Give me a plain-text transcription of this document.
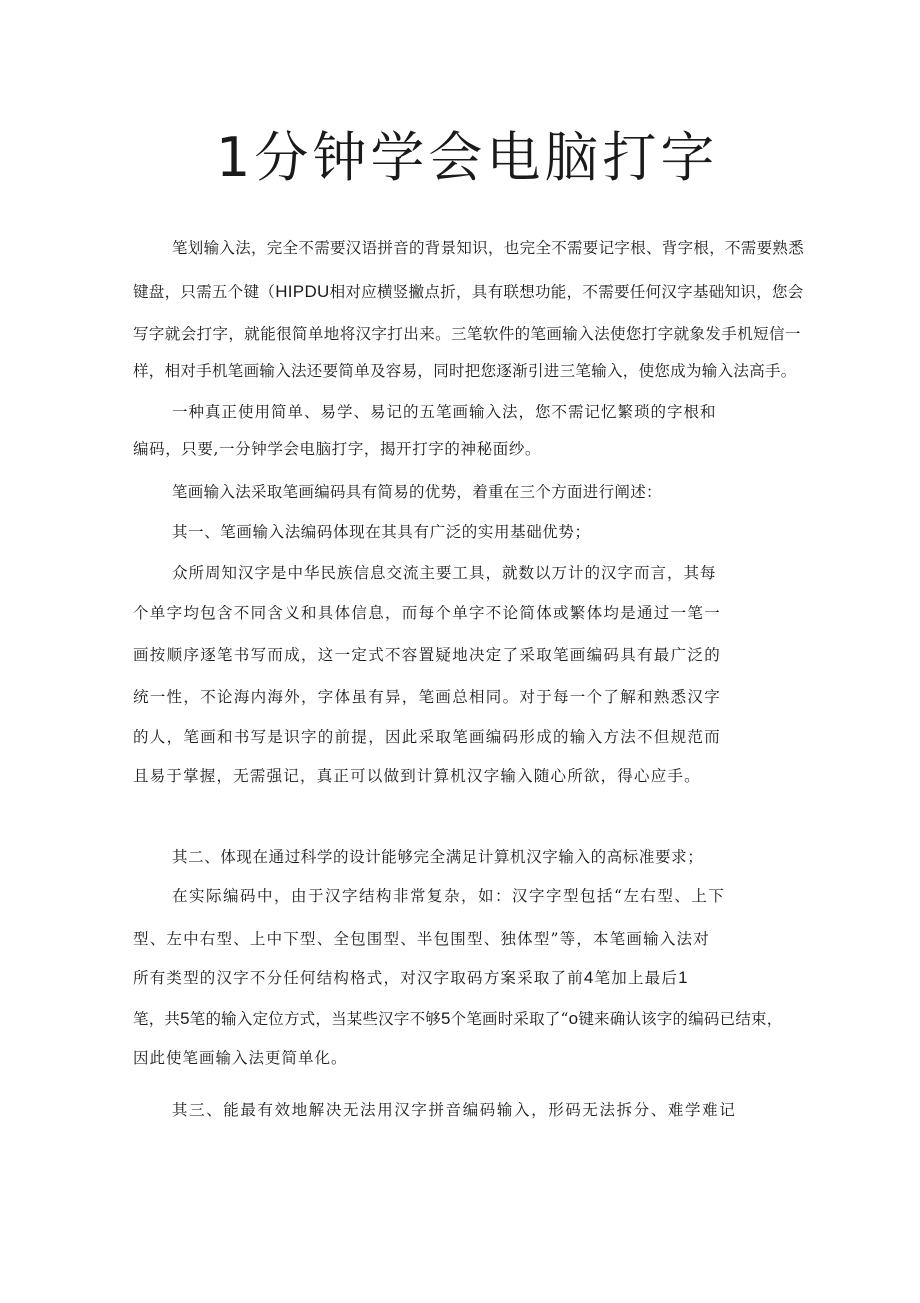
1分钟学会电脑打字

笔划输入法，完全不需要汉语拼音的背景知识，也完全不需要记字根、背字根，不需要熟悉

键盘，只需五个键（HIPDU相对应横竖撇点折，具有联想功能，不需要任何汉字基础知识，您会

写字就会打字，就能很简单地将汉字打出来。三笔软件的笔画输入法使您打字就象发手机短信一

样，相对手机笔画输入法还要简单及容易，同时把您逐渐引进三笔输入，使您成为输入法高手。

一种真正使用简单、易学、易记的五笔画输入法，您不需记忆繁琐的字根和

编码，只要,一分钟学会电脑打字，揭开打字的神秘面纱。

笔画输入法采取笔画编码具有简易的优势，着重在三个方面进行阐述：

其一、笔画输入法编码体现在其具有广泛的实用基础优势；

众所周知汉字是中华民族信息交流主要工具，就数以万计的汉字而言，其每

个单字均包含不同含义和具体信息，而每个单字不论简体或繁体均是通过一笔一

画按顺序逐笔书写而成，这一定式不容置疑地决定了采取笔画编码具有最广泛的

统一性，不论海内海外，字体虽有异，笔画总相同。对于每一个了解和熟悉汉字

的人，笔画和书写是识字的前提，因此采取笔画编码形成的输入方法不但规范而

且易于掌握，无需强记，真正可以做到计算机汉字输入随心所欲，得心应手。

其二、体现在通过科学的设计能够完全满足计算机汉字输入的高标准要求；

在实际编码中，由于汉字结构非常复杂，如：汉字字型包括“左右型、上下

型、左中右型、上中下型、全包围型、半包围型、独体型”等，本笔画输入法对

所有类型的汉字不分任何结构格式，对汉字取码方案采取了前4笔加上最后1

笔，共5笔的输入定位方式，当某些汉字不够5个笔画时采取了“o键来确认该字的编码已结束，

因此使笔画输入法更简单化。

其三、能最有效地解决无法用汉字拼音编码输入，形码无法拆分、难学难记
